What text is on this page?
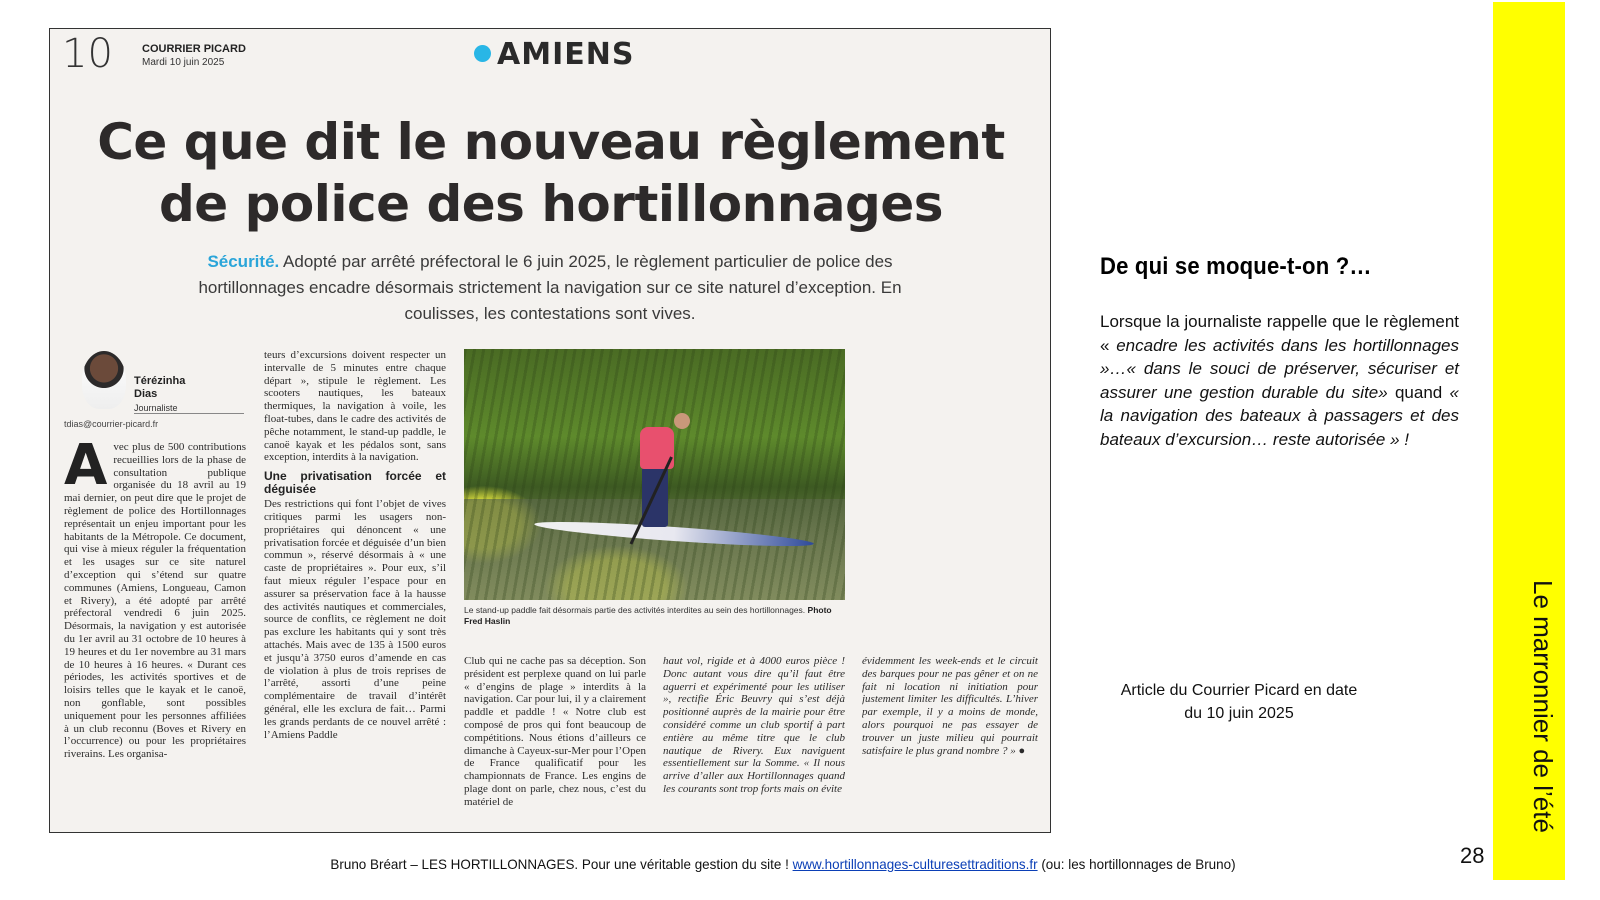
10	COURRIER PICARD
Mardi 10 juin 2025	AMIENS
Ce que dit le nouveau règlement
de police des hortillonnages
Sécurité. Adopté par arrêté préfectoral le 6 juin 2025, le règlement particulier de police des hortillonnages encadre désormais strictement la navigation sur ce site naturel d’exception. En coulisses, les contestations sont vives.
Térézinha Dias
Journaliste
tdias@courrier-picard.fr
Avec plus de 500 contributions recueillies lors de la phase de consultation publique organisée du 18 avril au 19 mai dernier, on peut dire que le projet de règlement de police des Hortillonnages représentait un enjeu important pour les habitants de la Métropole. Ce document, qui vise à mieux réguler la fréquentation et les usages sur ce site naturel d’exception qui s’étend sur quatre communes (Amiens, Longueau, Camon et Rivery), a été adopté par arrêté préfectoral vendredi 6 juin 2025. Désormais, la navigation y est autorisée du 1er avril au 31 octobre de 10 heures à 19 heures et du 1er novembre au 31 mars de 10 heures à 16 heures. « Durant ces périodes, les activités sportives et de loisirs telles que le kayak et le canoë, non gonflable, sont possibles uniquement pour les personnes affiliées à un club reconnu (Boves et Rivery en l’occurrence) ou pour les propriétaires riverains. Les organisa-

teurs d’excursions doivent respecter un intervalle de 5 minutes entre chaque départ », stipule le règlement. Les scooters nautiques, les bateaux thermiques, la navigation à voile, les float-tubes, dans le cadre des activités de pêche notamment, le stand-up paddle, le canoë kayak et les pédalos sont, sans exception, interdits à la navigation.

Une privatisation forcée et déguisée

Des restrictions qui font l’objet de vives critiques parmi les usagers non-propriétaires qui dénoncent « une privatisation forcée et déguisée d’un bien commun », réservé désormais à « une caste de propriétaires ». Pour eux, s’il faut mieux réguler l’espace pour en assurer sa préservation face à la hausse des activités nautiques et commerciales, source de conflits, ce règlement ne doit pas exclure les habitants qui y sont très attachés. Mais avec de 135 à 1500 euros et jusqu’à 3750 euros d’amende en cas de violation à plus de trois reprises de l’arrêté, assorti d’une peine complémentaire de travail d’intérêt général, elle les exclura de fait… Parmi les grands perdants de ce nouvel arrêté : l’Amiens Paddle

Le stand-up paddle fait désormais partie des activités interdites au sein des hortillonnages. Photo Fred Haslin
Club qui ne cache pas sa déception. Son président est perplexe quand on lui parle « d’engins de plage » interdits à la navigation. Car pour lui, il y a clairement paddle et paddle ! « Notre club est composé de pros qui font beaucoup de compétitions. Nous étions d’ailleurs ce dimanche à Cayeux-sur-Mer pour l’Open de France qualificatif pour les championnats de France. Les engins de plage dont on parle, chez nous, c’est du matériel de
haut vol, rigide et à 4000 euros pièce ! Donc autant vous dire qu’il faut être aguerri et expérimenté pour les utiliser », rectifie Éric Beuvry qui s’est déjà positionné auprès de la mairie pour être considéré comme un club sportif à part entière au même titre que le club nautique de Rivery. Eux naviguent essentiellement sur la Somme. « Il nous arrive d’aller aux Hortillonnages quand les courants sont trop forts mais on évite
évidemment les week-ends et le circuit des barques pour ne pas gêner et on ne fait ni location ni initiation pour justement limiter les difficultés. L’hiver par exemple, il y a moins de monde, alors pourquoi ne pas essayer de trouver un juste milieu qui pourrait satisfaire le plus grand nombre ? » ●
De qui se moque-t-on ?…
Lorsque la journaliste rappelle que le règlement « encadre les activités dans les hortillonnages »…« dans le souci de préserver, sécuriser et assurer une gestion durable du site» quand « la navigation des bateaux à passagers et des bateaux d’excursion… reste autorisée » !
Article du Courrier Picard en date
du 10 juin 2025	Le marronnier de l’été
28
Bruno Bréart – LES HORTILLONNAGES. Pour une véritable gestion du site ! www.hortillonnages-culturesettraditions.fr (ou: les hortillonnages de Bruno)
